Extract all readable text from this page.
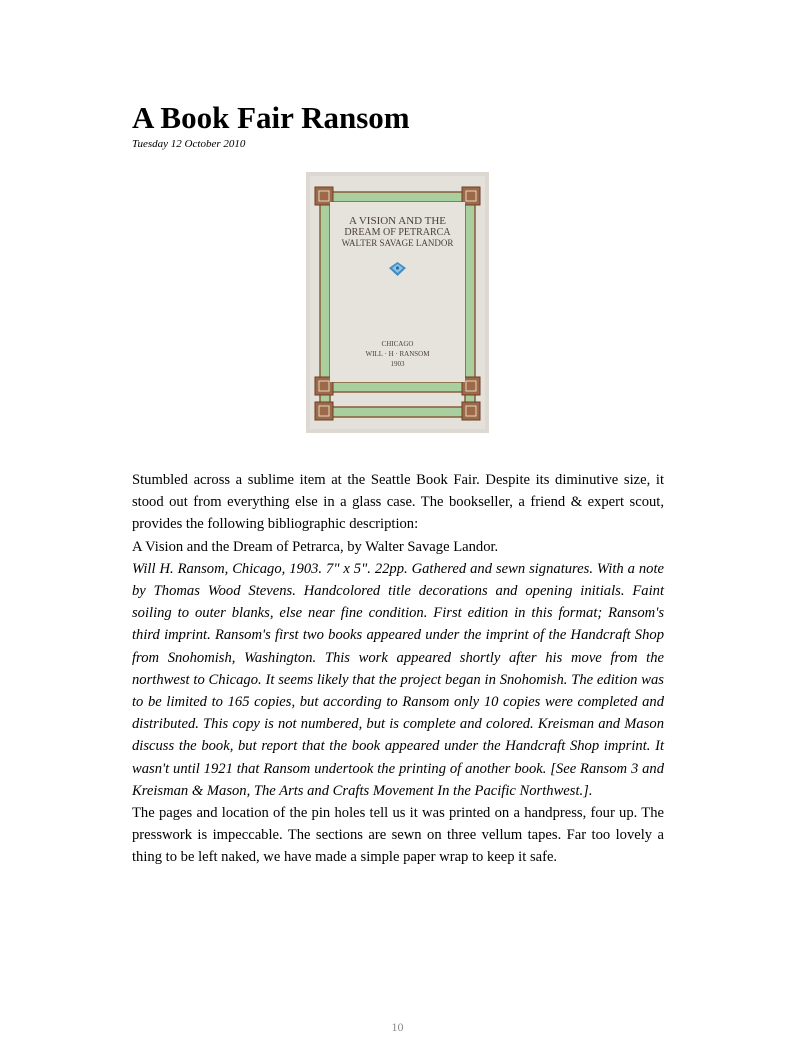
A Book Fair Ransom
Tuesday 12 October 2010
A VISION AND THE
DREAM OF PETRARCA
WALTER SAVAGE LANDOR
CHICAGO
WILL · H · RANSOM
1903

Stumbled across a sublime item at the Seattle Book Fair. Despite its diminutive size, it stood out from everything else in a glass case. The bookseller, a friend & expert scout, provides the following bibliographic description:

A Vision and the Dream of Petrarca, by Walter Savage Landor.

Will H. Ransom, Chicago, 1903. 7" x 5". 22pp. Gathered and sewn signatures. With a note by Thomas Wood Stevens. Handcolored title decorations and opening initials. Faint soiling to outer blanks, else near fine condition. First edition in this format; Ransom's third imprint. Ransom's first two books appeared under the imprint of the Handcraft Shop from Snohomish, Washington. This work appeared shortly after his move from the northwest to Chicago. It seems likely that the project began in Snohomish. The edition was to be limited to 165 copies, but according to Ransom only 10 copies were completed and distributed. This copy is not numbered, but is complete and colored. Kreisman and Mason discuss the book, but report that the book appeared under the Handcraft Shop imprint. It wasn't until 1921 that Ransom undertook the printing of another book. [See Ransom 3 and Kreisman & Mason, The Arts and Crafts Movement In the Pacific Northwest.].

The pages and location of the pin holes tell us it was printed on a handpress, four up. The presswork is impeccable. The sections are sewn on three vellum tapes. Far too lovely a thing to be left naked, we have made a simple paper wrap to keep it safe.

10
